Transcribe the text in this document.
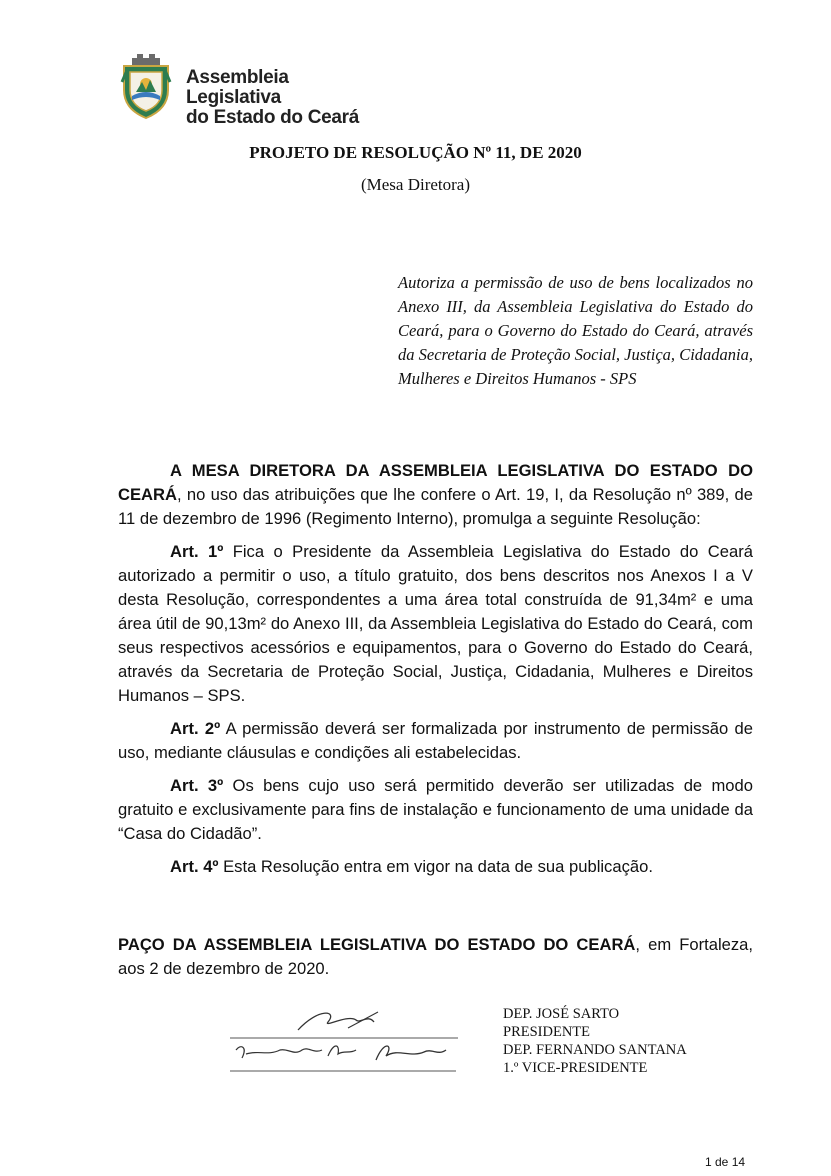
Assembleia Legislativa
do Estado do Ceará
PROJETO DE RESOLUÇÃO Nº 11, DE 2020
(Mesa Diretora)
Autoriza a permissão de uso de bens localizados no Anexo III, da Assembleia Legislativa do Estado do Ceará, para o Governo do Estado do Ceará, através da Secretaria de Proteção Social, Justiça, Cidadania, Mulheres e Direitos Humanos - SPS

A MESA DIRETORA DA ASSEMBLEIA LEGISLATIVA DO ESTADO DO CEARÁ, no uso das atribuições que lhe confere o Art. 19, I, da Resolução nº 389, de 11 de dezembro de 1996 (Regimento Interno), promulga a seguinte Resolução:

Art. 1º Fica o Presidente da Assembleia Legislativa do Estado do Ceará autorizado a permitir o uso, a título gratuito, dos bens descritos nos Anexos I a V desta Resolução, correspondentes a uma área total construída de 91,34m² e uma área útil de 90,13m² do Anexo III, da Assembleia Legislativa do Estado do Ceará, com seus respectivos acessórios e equipamentos, para o Governo do Estado do Ceará, através da Secretaria de Proteção Social, Justiça, Cidadania, Mulheres e Direitos Humanos – SPS.

Art. 2º A permissão deverá ser formalizada por instrumento de permissão de uso, mediante cláusulas e condições ali estabelecidas.

Art. 3º Os bens cujo uso será permitido deverão ser utilizadas de modo gratuito e exclusivamente para fins de instalação e funcionamento de uma unidade da “Casa do Cidadão”.

Art. 4º Esta Resolução entra em vigor na data de sua publicação.

PAÇO DA ASSEMBLEIA LEGISLATIVA DO ESTADO DO CEARÁ, em Fortaleza, aos 2 de dezembro de 2020.
DEP. JOSÉ SARTO
PRESIDENTE
DEP. FERNANDO SANTANA
1.º VICE-PRESIDENTE
1 de 14
